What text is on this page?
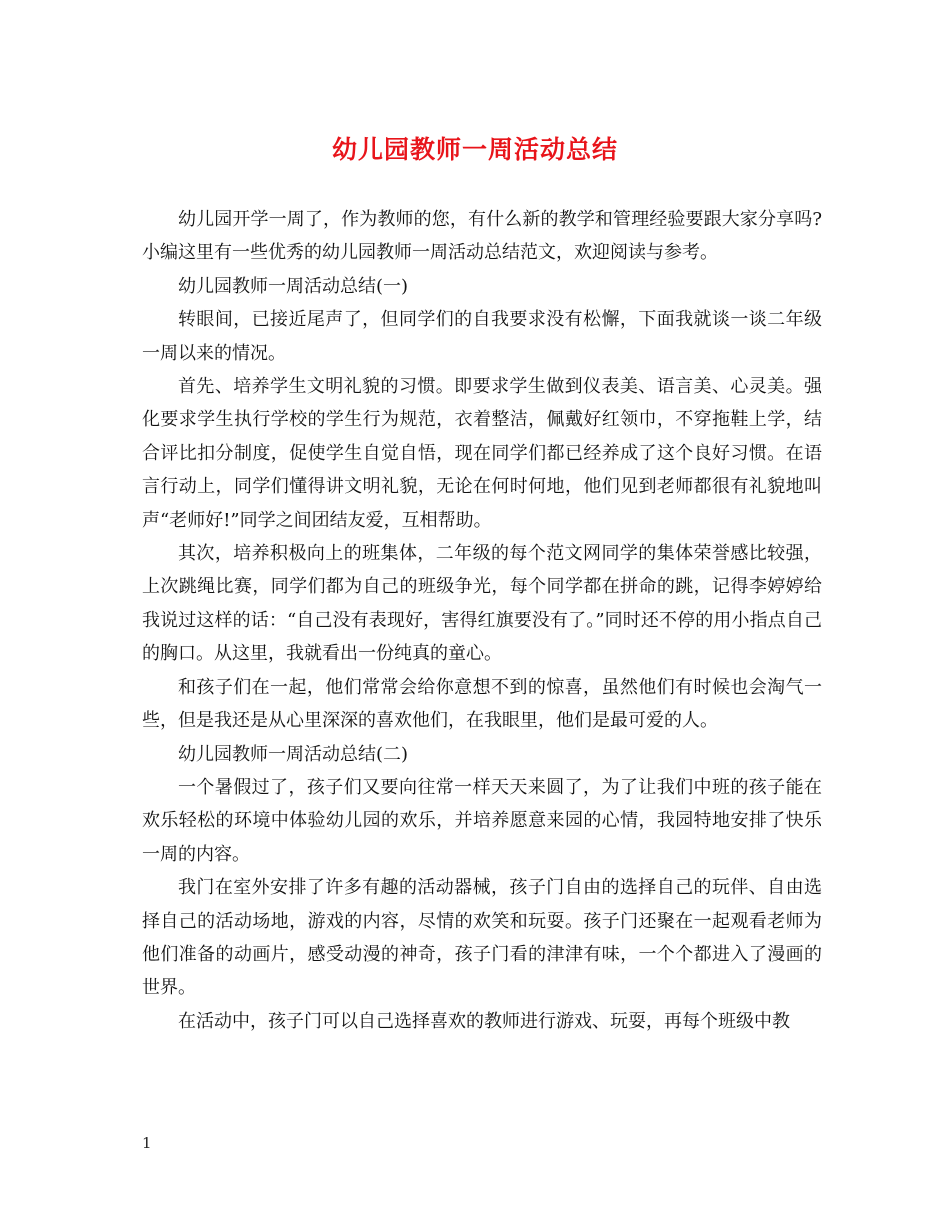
幼儿园教师一周活动总结

幼儿园开学一周了，作为教师的您，有什么新的教学和管理经验要跟大家分享吗?小编这里有一些优秀的幼儿园教师一周活动总结范文，欢迎阅读与参考。

幼儿园教师一周活动总结(一)

转眼间，已接近尾声了，但同学们的自我要求没有松懈，下面我就谈一谈二年级一周以来的情况。

首先、培养学生文明礼貌的习惯。即要求学生做到仪表美、语言美、心灵美。强化要求学生执行学校的学生行为规范，衣着整洁，佩戴好红领巾，不穿拖鞋上学，结合评比扣分制度，促使学生自觉自悟，现在同学们都已经养成了这个良好习惯。在语言行动上，同学们懂得讲文明礼貌，无论在何时何地，他们见到老师都很有礼貌地叫声“老师好!”同学之间团结友爱，互相帮助。

其次，培养积极向上的班集体，二年级的每个范文网同学的集体荣誉感比较强，上次跳绳比赛，同学们都为自己的班级争光，每个同学都在拼命的跳，记得李婷婷给我说过这样的话：“自己没有表现好，害得红旗要没有了。”同时还不停的用小指点自己的胸口。从这里，我就看出一份纯真的童心。

和孩子们在一起，他们常常会给你意想不到的惊喜，虽然他们有时候也会淘气一些，但是我还是从心里深深的喜欢他们，在我眼里，他们是最可爱的人。

幼儿园教师一周活动总结(二)

一个暑假过了，孩子们又要向往常一样天天来圆了，为了让我们中班的孩子能在欢乐轻松的环境中体验幼儿园的欢乐，并培养愿意来园的心情，我园特地安排了快乐一周的内容。

我门在室外安排了许多有趣的活动器械，孩子门自由的选择自己的玩伴、自由选择自己的活动场地，游戏的内容，尽情的欢笑和玩耍。孩子门还聚在一起观看老师为他们准备的动画片，感受动漫的神奇，孩子门看的津津有味，一个个都进入了漫画的世界。

在活动中，孩子门可以自己选择喜欢的教师进行游戏、玩耍，再每个班级中教

1
